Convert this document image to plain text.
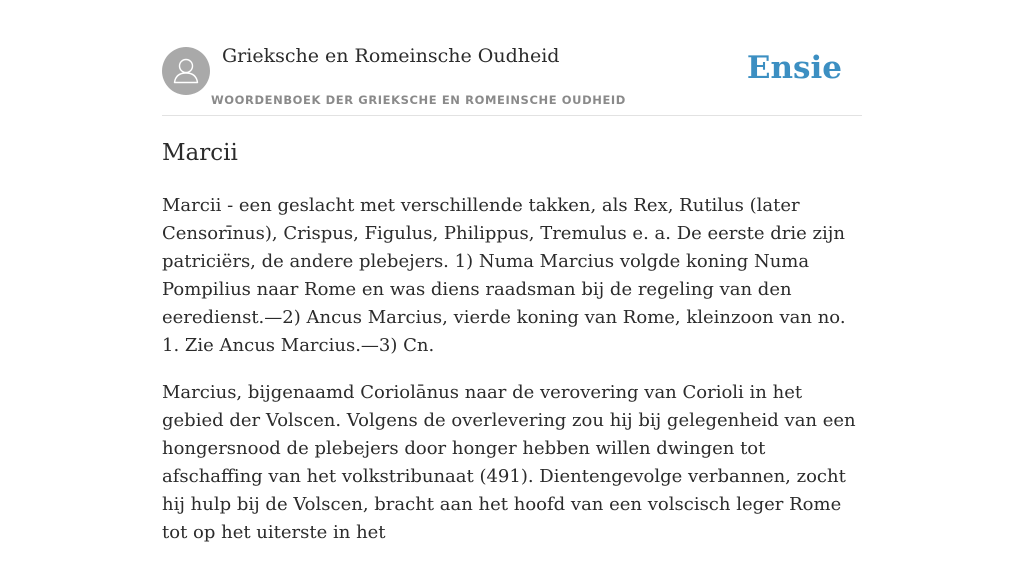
Grieksche en Romeinsche Oudheid
WOORDENBOEK DER GRIEKSCHE EN ROMEINSCHE OUDHEID
Ensie
Marcii

Marcii - een geslacht met verschillende takken, als Rex, Rutilus (later Censorīnus), Crispus, Figulus, Philippus, Tremulus e. a. De eerste drie zijn patriciërs, de andere plebejers. 1) Numa Marcius volgde koning Numa Pompilius naar Rome en was diens raadsman bij de regeling van den eeredienst.—2) Ancus Marcius, vierde koning van Rome, kleinzoon van no. 1. Zie Ancus Marcius.—3) Cn.

Marcius, bijgenaamd Coriolānus naar de verovering van Corioli in het gebied der Volscen. Volgens de overlevering zou hij bij gelegenheid van een hongersnood de plebejers door honger hebben willen dwingen tot afschaffing van het volkstribunaat (491). Dientengevolge verbannen, zocht hij hulp bij de Volscen, bracht aan het hoofd van een volscisch leger Rome tot op het uiterste in het
